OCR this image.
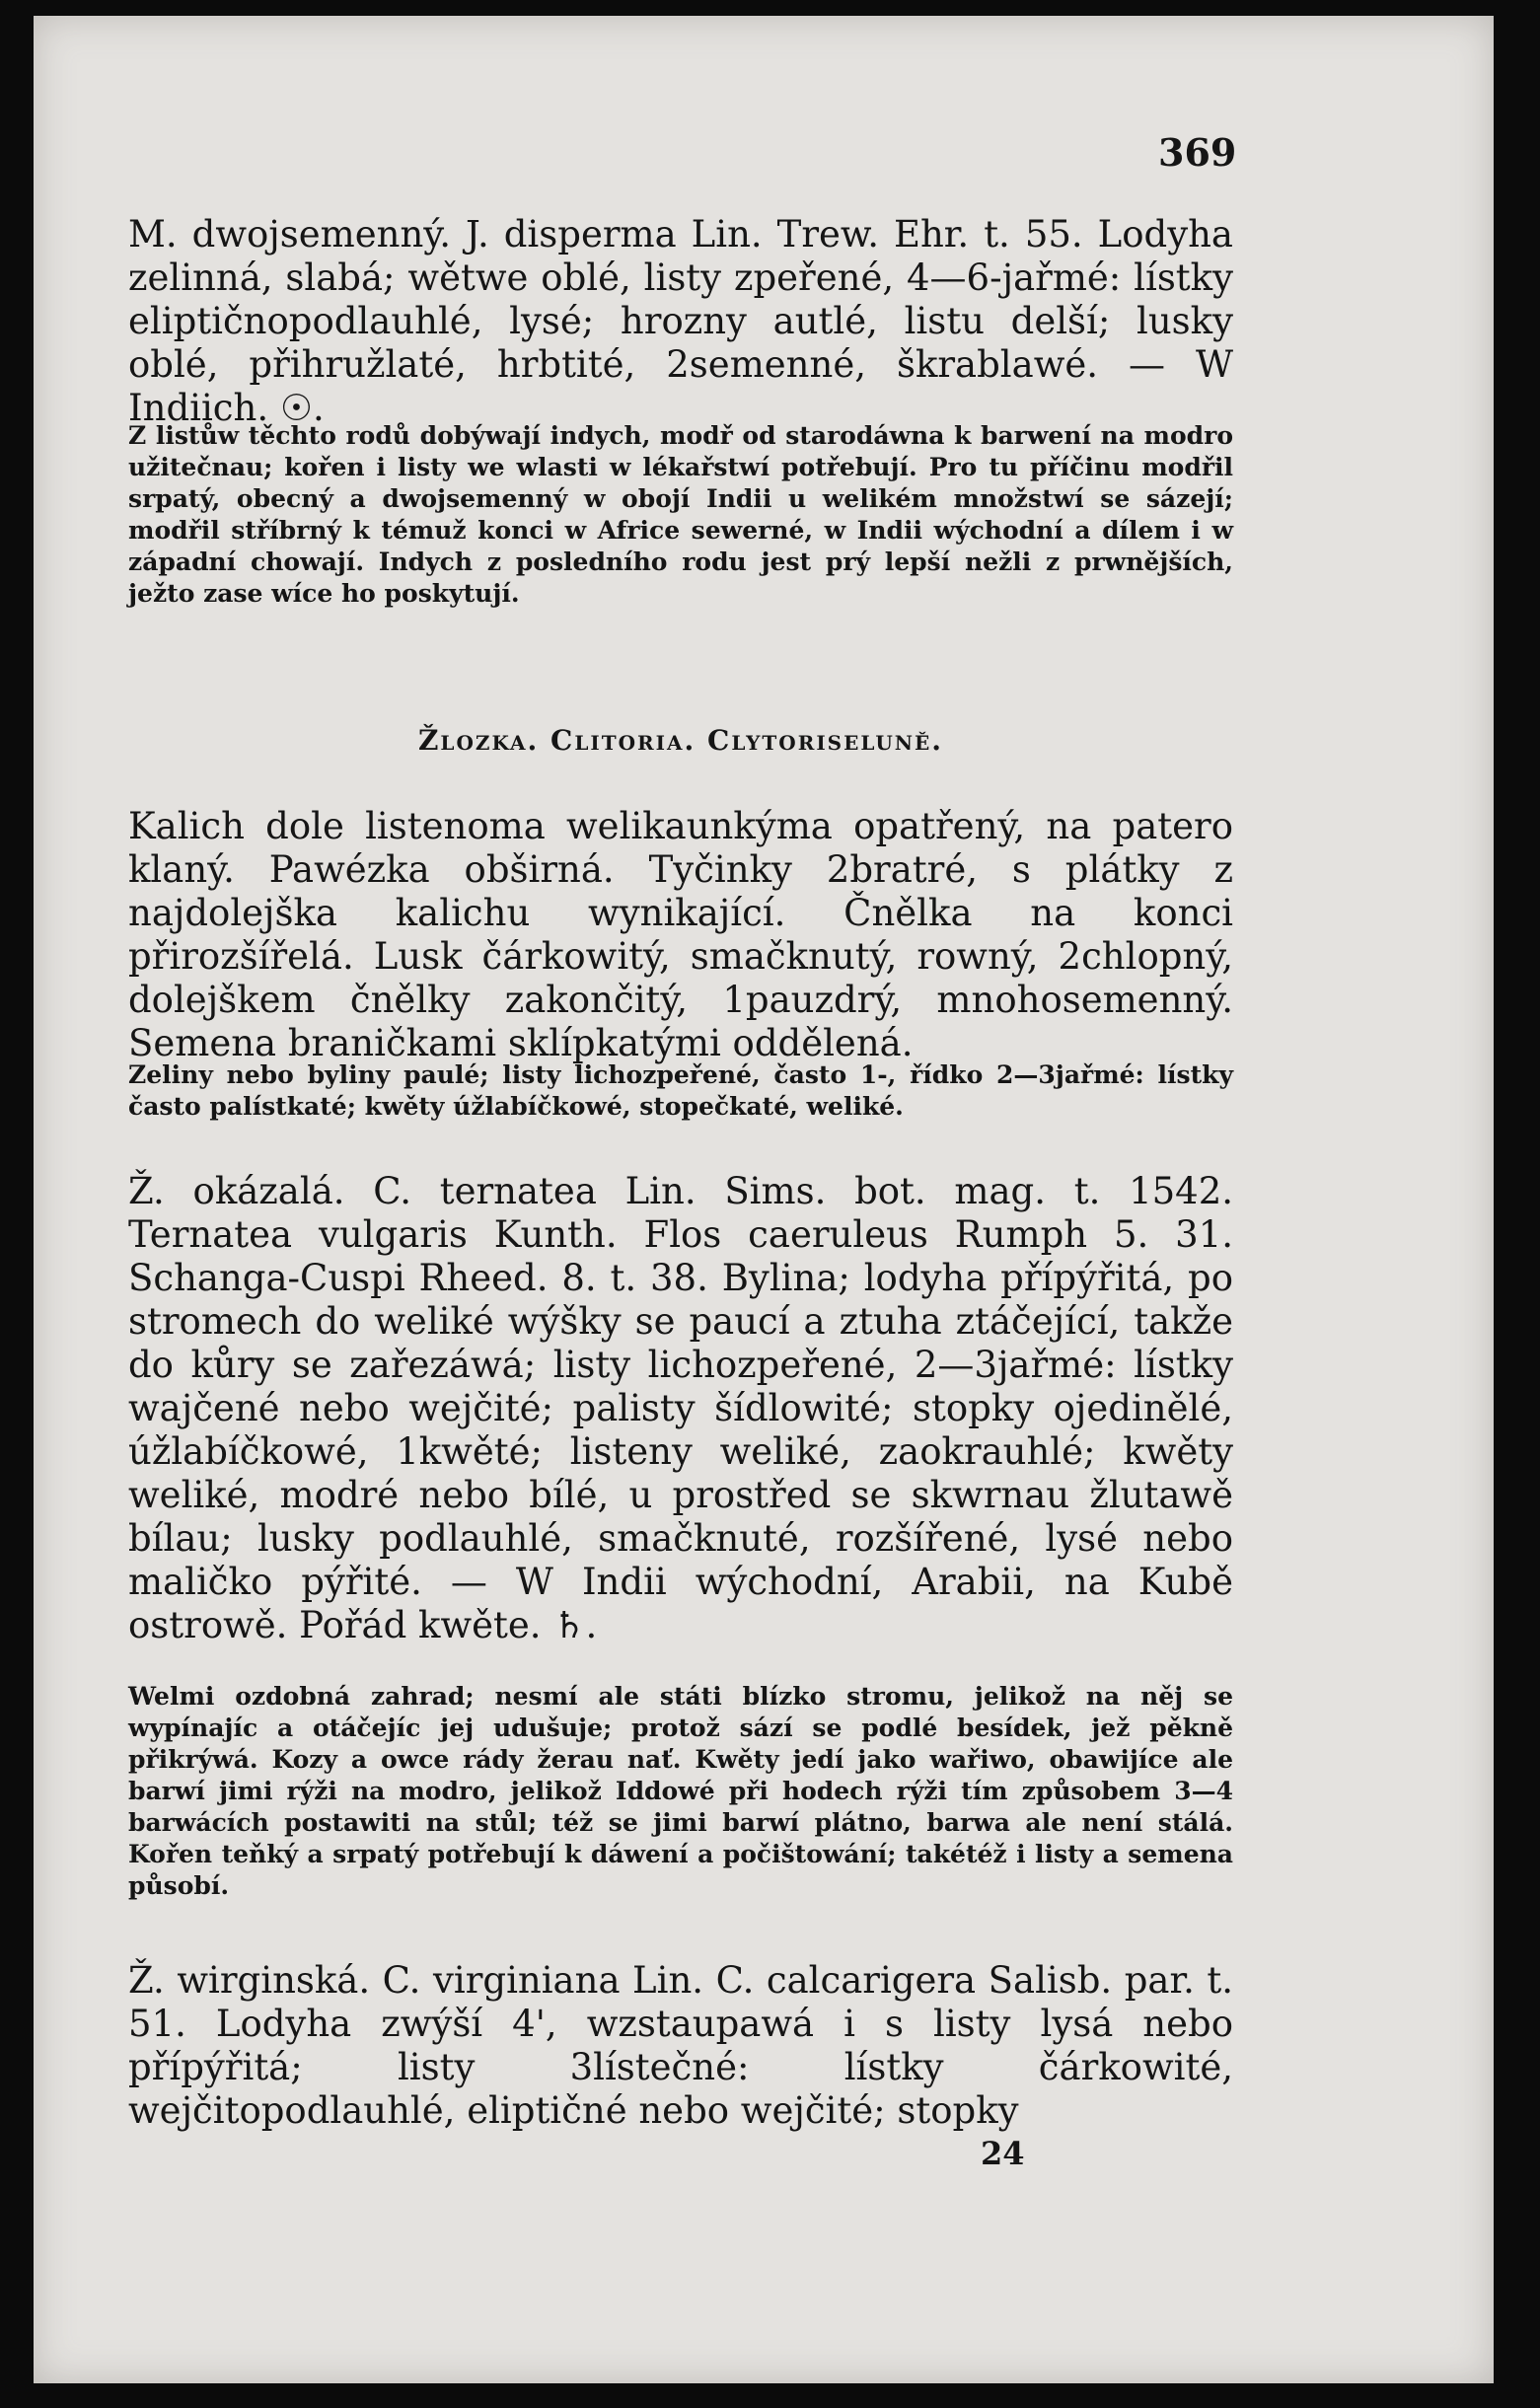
369

M. dwojsemenný. J. disperma Lin. Trew. Ehr. t. 55. Lodyha zelinná, slabá; wětwe oblé, listy zpeřené, 4—6-jařmé: lístky eliptičnopodlauhlé, lysé; hrozny autlé, listu delší; lusky oblé, přihružlaté, hrbtité, 2semenné, škrablawé. — W Indiich. ☉.

Z listůw těchto rodů dobýwají indych, modř od starodáwna k barwení na modro užitečnau; kořen i listy we wlasti w lékařstwí potřebují. Pro tu příčinu modřil srpatý, obecný a dwojsemenný w obojí Indii u welikém množstwí se sázejí; modřil stříbrný k témuž konci w Africe sewerné, w Indii wýchodní a dílem i w západní chowají. Indych z posledního rodu jest prý lepší nežli z prwnějších, ježto zase wíce ho poskytují.

Žlozka. Clitoria. Clytoriseluně.

Kalich dole listenoma welikaunkýma opatřený, na patero klaný. Pawézka obširná. Tyčinky 2bratré, s plátky z najdolejška kalichu wynikající. Čnělka na konci přirozšířelá. Lusk čárkowitý, smačknutý, rowný, 2chlopný, dolejškem čnělky zakončitý, 1pauzdrý, mnohosemenný. Semena braničkami sklípkatými oddělená.

Zeliny nebo byliny paulé; listy lichozpeřené, často 1-, řídko 2—3jařmé: lístky často palístkaté; kwěty úžlabíčkowé, stopečkaté, weliké.

Ž. okázalá. C. ternatea Lin. Sims. bot. mag. t. 1542. Ternatea vulgaris Kunth. Flos caeruleus Rumph 5. 31. Schanga-Cuspi Rheed. 8. t. 38. Bylina; lodyha přípýřitá, po stromech do weliké wýšky se paucí a ztuha ztáčející, takže do kůry se zařezáwá; listy lichozpeřené, 2—3jařmé: lístky wajčené nebo wejčité; palisty šídlowité; stopky ojedinělé, úžlabíčkowé, 1kwěté; listeny weliké, zaokrauhlé; kwěty weliké, modré nebo bílé, u prostřed se skwrnau žlutawě bílau; lusky podlauhlé, smačknuté, rozšířené, lysé nebo maličko pýřité. — W Indii wýchodní, Arabii, na Kubě ostrowě. Pořád kwěte. ♄.

Welmi ozdobná zahrad; nesmí ale státi blízko stromu, jelikož na něj se wypínajíc a otáčejíc jej udušuje; protož sází se podlé besídek, jež pěkně přikrýwá. Kozy a owce rády žerau nať. Kwěty jedí jako wařiwo, obawijíce ale barwí jimi rýži na modro, jelikož Iddowé při hodech rýži tím způsobem 3—4 barwácích postawiti na stůl; též se jimi barwí plátno, barwa ale není stálá. Kořen teňký a srpatý potřebují k dáwení a počištowání; takétéž i listy a semena působí.

Ž. wirginská. C. virginiana Lin. C. calcarigera Salisb. par. t. 51. Lodyha zwýší 4', wzstaupawá i s listy lysá nebo přípýřitá; listy 3lístečné: lístky čárkowité, wejčitopodlauhlé, eliptičné nebo wejčité; stopky

24
